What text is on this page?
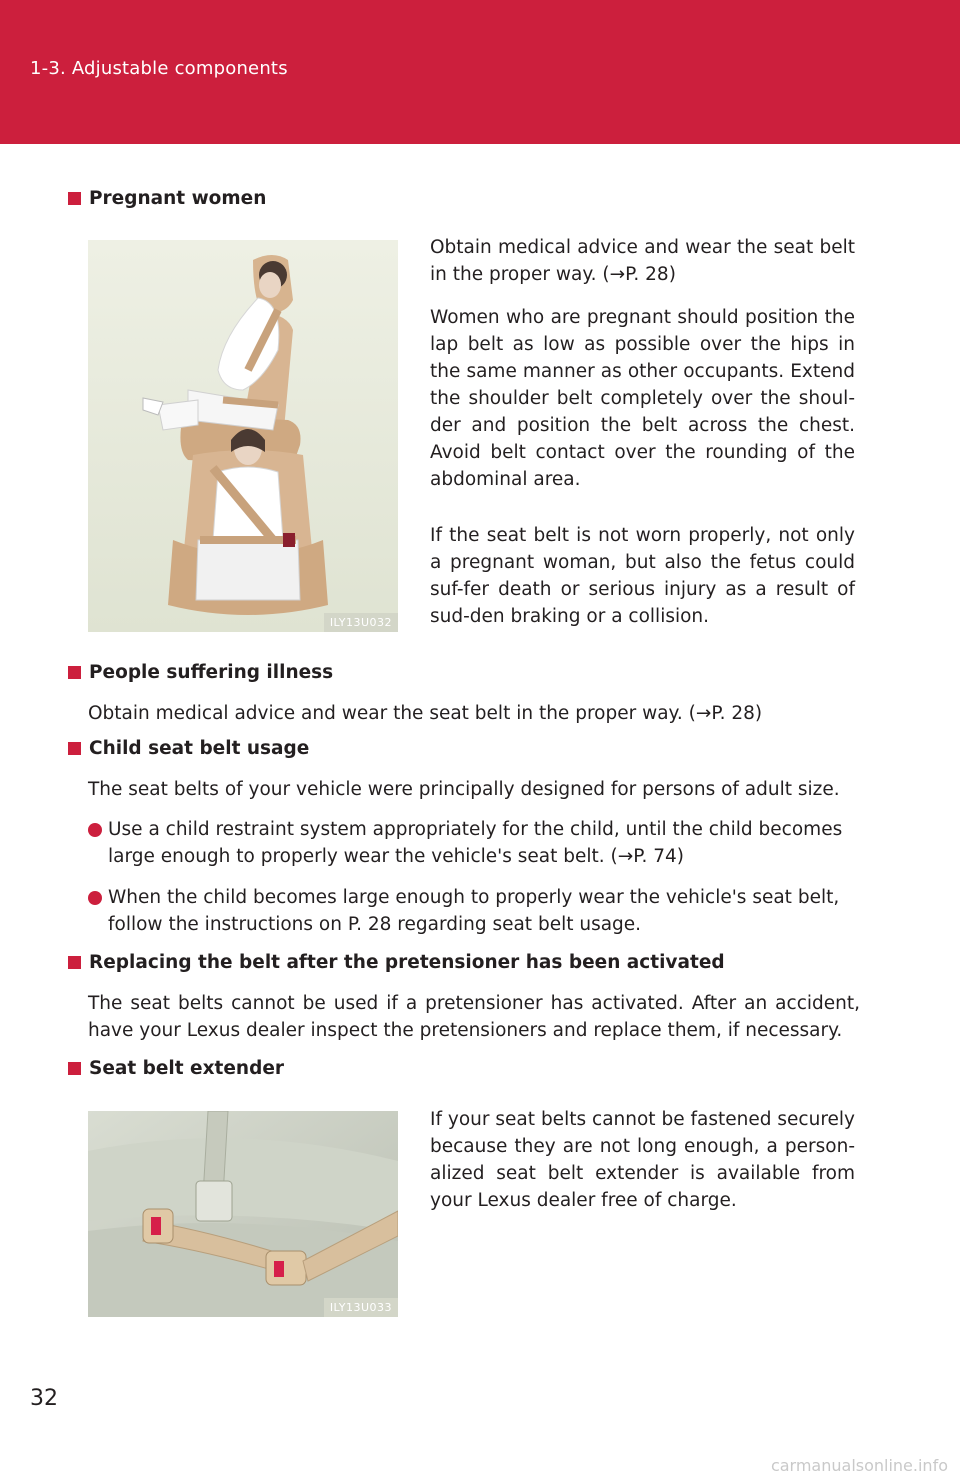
1-3. Adjustable components
Pregnant women
ILY13U032

Obtain medical advice and wear the seat belt in the proper way. (→P. 28)

Women who are pregnant should position the lap belt as low as possible over the hips in the same manner as other occupants. Extend the shoulder belt completely over the shoul-der and position the belt across the chest. Avoid belt contact over the rounding of the abdominal area.

If the seat belt is not worn properly, not only a pregnant woman, but also the fetus could suf-fer death or serious injury as a result of sud-den braking or a collision.

People suffering illness

Obtain medical advice and wear the seat belt in the proper way. (→P. 28)

Child seat belt usage

The seat belts of your vehicle were principally designed for persons of adult size.

Use a child restraint system appropriately for the child, until the child becomes large enough to properly wear the vehicle's seat belt. (→P. 74)

When the child becomes large enough to properly wear the vehicle's seat belt, follow the instructions on P. 28 regarding seat belt usage.

Replacing the belt after the pretensioner has been activated

The seat belts cannot be used if a pretensioner has activated. After an accident, have your Lexus dealer inspect the pretensioners and replace them, if necessary.

Seat belt extender
ILY13U033

If your seat belts cannot be fastened securely because they are not long enough, a person-alized seat belt extender is available from your Lexus dealer free of charge.

32
carmanualsonline.info
